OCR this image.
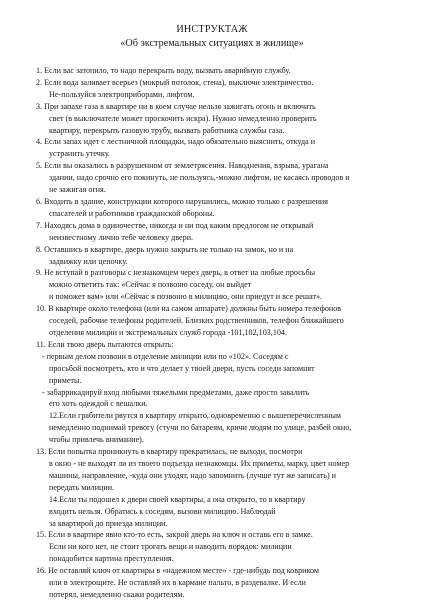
ИНСТРУКТАЖ
«Об экстремальных ситуациях в жилище»
1. Если вас затопило, то надо перекрыть воду, вызвать аварийную службу.
2. Если вода заливает всерьез (мокрый потолок, стена), выключи электричество.
Не-пользуйся электроприборами, лифтом.
3. При запахе газа в квартире ни в коем случае нельзя зажигать огонь и включать
свет (в выключателе может проскочить искра). Нужно немедленно проверить
квартиру, перекрыть газовую трубу, вызвать работника службы газа.
4. Если запах идет с лестничной площадки, надо обязательно выяснить, откуда и
устранить утечку.
5. Если вы оказались в разрушенном от землетрясения. Наводнения, взрыва, урагана
здании, надо срочно его покинуть, не пользуясь,-можно лифтом, не касаясь проводов и
не зажигая огня.
6. Входить в здание, конструкции которого нарушились, можно только с разрешения
спасателей и работников гражданской обороны.
7. Находясь дома в одиночестве, никогда и ни под каким предлогом не открывай
неизвестному лично тебе человеку двери.
8. Оставшись в квартире, дверь нужно закрыть не только на замок, но и на
задвижку или цепочку.
9. Не вступай в разговоры с незнакомцем через дверь, в ответ на любые просьбы
можно ответить так: «Сейчас я позвоню соседу, он выйдет
и поможет вам» или «Сейчас я позвоню в милицию, они приедут и все решат».
10. В квартире около телефона (или на самом аппарате) должны быть номера телефонов
соседей, рабочие телефоны родителей. Близких родственников, телефон ближайшего
отделения милиции и экстремальных служб города -101,102,103,104.
11. Если твою дверь пытаются открыть:
- первым делом позвони в отделение милиции или по «102». Соседям с
просьбой посмотреть, кто и что делает у твоей двери, пусть соседи запомнят
приметы.
- забаррикадируй вход любыми тяжелыми предметами, даже просто завалить
его хоть одеждой с вешалки.
12.Если грабители рвутся в квартиру открыто, одновременно с вышеперечисленным
немедленно поднимай тревогу (стучи по батареям, кричи людям по улице, разбей окно,
чтобы привлечь внимание).
13. Если попытка проникнуть в квартиру прекратилась, не выходи, посмотри
в окно - не выходят ли из твоего подъезда незнакомцы. Их приметы, марку, цвет номер
машины, направление, -куда они уходят, надо запомнить (лучше тут же записать) и
передать милиции.
14.Если ты подошел к двери своей квартиры, а она открыто, то в квартиру
входить нельзя. Обратись к соседям, вызови милицию. Наблюдай
за квартирой до приезда милиции.
15. Если в квартире явно кто-то есть, закрой дверь на ключ и оставь его в замке.
Если ни кого нет, не стоит трогать вещи и наводить порядок: милиции
понадобится картина преступления.
16. Не оставляй ключ от квартиры в «надежном месте» - где-нибудь под ковриком
или в электрощите. Не оставляй их в кармане пальто, в раздевалке. И если
потерял, немедленно скажи родителям.
